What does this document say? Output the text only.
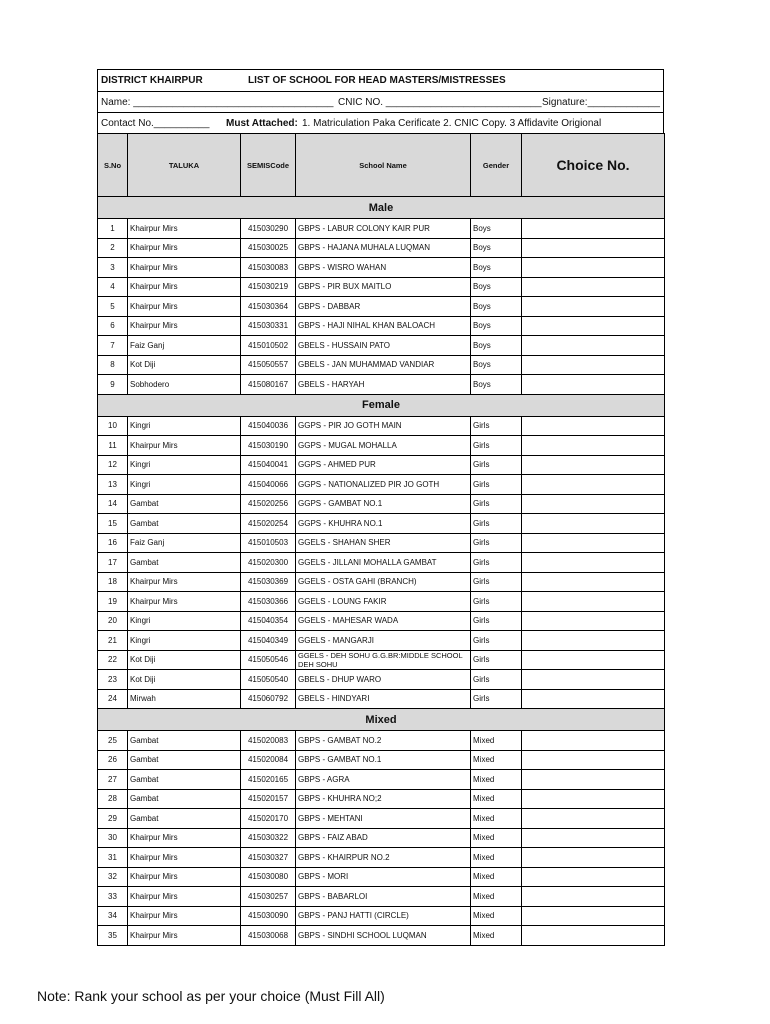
DISTRICT KHAIRPUR	LIST OF SCHOOL FOR HEAD MASTERS/MISTRESSES
Name: ____________________________________ CNIC NO. ____________________________ Signature:_____________
Contact No.__________ Must Attached: 1. Matriculation Paka Cerificate 2. CNIC Copy. 3 Affidavite Origional
S.No	TALUKA	SEMISCode	School Name	Gender	Choice No.
Male					
1	Khairpur Mirs	415030290	GBPS - LABUR COLONY KAIR PUR	Boys	
2	Khairpur Mirs	415030025	GBPS - HAJANA MUHALA LUQMAN	Boys	
3	Khairpur Mirs	415030083	GBPS - WISRO WAHAN	Boys	
4	Khairpur Mirs	415030219	GBPS - PIR BUX MAITLO	Boys	
5	Khairpur Mirs	415030364	GBPS - DABBAR	Boys	
6	Khairpur Mirs	415030331	GBPS - HAJI NIHAL KHAN BALOACH	Boys	
7	Faiz Ganj	415010502	GBELS - HUSSAIN PATO	Boys	
8	Kot Diji	415050557	GBELS - JAN MUHAMMAD VANDIAR	Boys	
9	Sobhodero	415080167	GBELS - HARYAH	Boys	
Female					
10	Kingri	415040036	GGPS - PIR JO GOTH MAIN	Girls	
11	Khairpur Mirs	415030190	GGPS - MUGAL MOHALLA	Girls	
12	Kingri	415040041	GGPS - AHMED PUR	Girls	
13	Kingri	415040066	GGPS - NATIONALIZED PIR JO GOTH	Girls	
14	Gambat	415020256	GGPS - GAMBAT NO.1	Girls	
15	Gambat	415020254	GGPS - KHUHRA NO.1	Girls	
16	Faiz Ganj	415010503	GGELS - SHAHAN SHER	Girls	
17	Gambat	415020300	GGELS - JILLANI MOHALLA GAMBAT	Girls	
18	Khairpur Mirs	415030369	GGELS - OSTA GAHI (BRANCH)	Girls	
19	Khairpur Mirs	415030366	GGELS - LOUNG FAKIR	Girls	
20	Kingri	415040354	GGELS - MAHESAR WADA	Girls	
21	Kingri	415040349	GGELS - MANGARJI	Girls	
22	Kot Diji	415050546	GGELS - DEH SOHU G.G.BR:MIDDLE SCHOOL DEH SOHU	Girls	
23	Kot Diji	415050540	GBELS - DHUP WARO	Girls	
24	Mirwah	415060792	GBELS - HINDYARI	Girls	
Mixed					
25	Gambat	415020083	GBPS - GAMBAT NO.2	Mixed	
26	Gambat	415020084	GBPS - GAMBAT NO.1	Mixed	
27	Gambat	415020165	GBPS - AGRA	Mixed	
28	Gambat	415020157	GBPS - KHUHRA NO;2	Mixed	
29	Gambat	415020170	GBPS - MEHTANI	Mixed	
30	Khairpur Mirs	415030322	GBPS - FAIZ ABAD	Mixed	
31	Khairpur Mirs	415030327	GBPS - KHAIRPUR NO.2	Mixed	
32	Khairpur Mirs	415030080	GBPS - MORI	Mixed	
33	Khairpur Mirs	415030257	GBPS - BABARLOI	Mixed	
34	Khairpur Mirs	415030090	GBPS - PANJ HATTI (CIRCLE)	Mixed	
35	Khairpur Mirs	415030068	GBPS - SINDHI SCHOOL LUQMAN	Mixed	
Note: Rank your school as per your choice (Must Fill All)
